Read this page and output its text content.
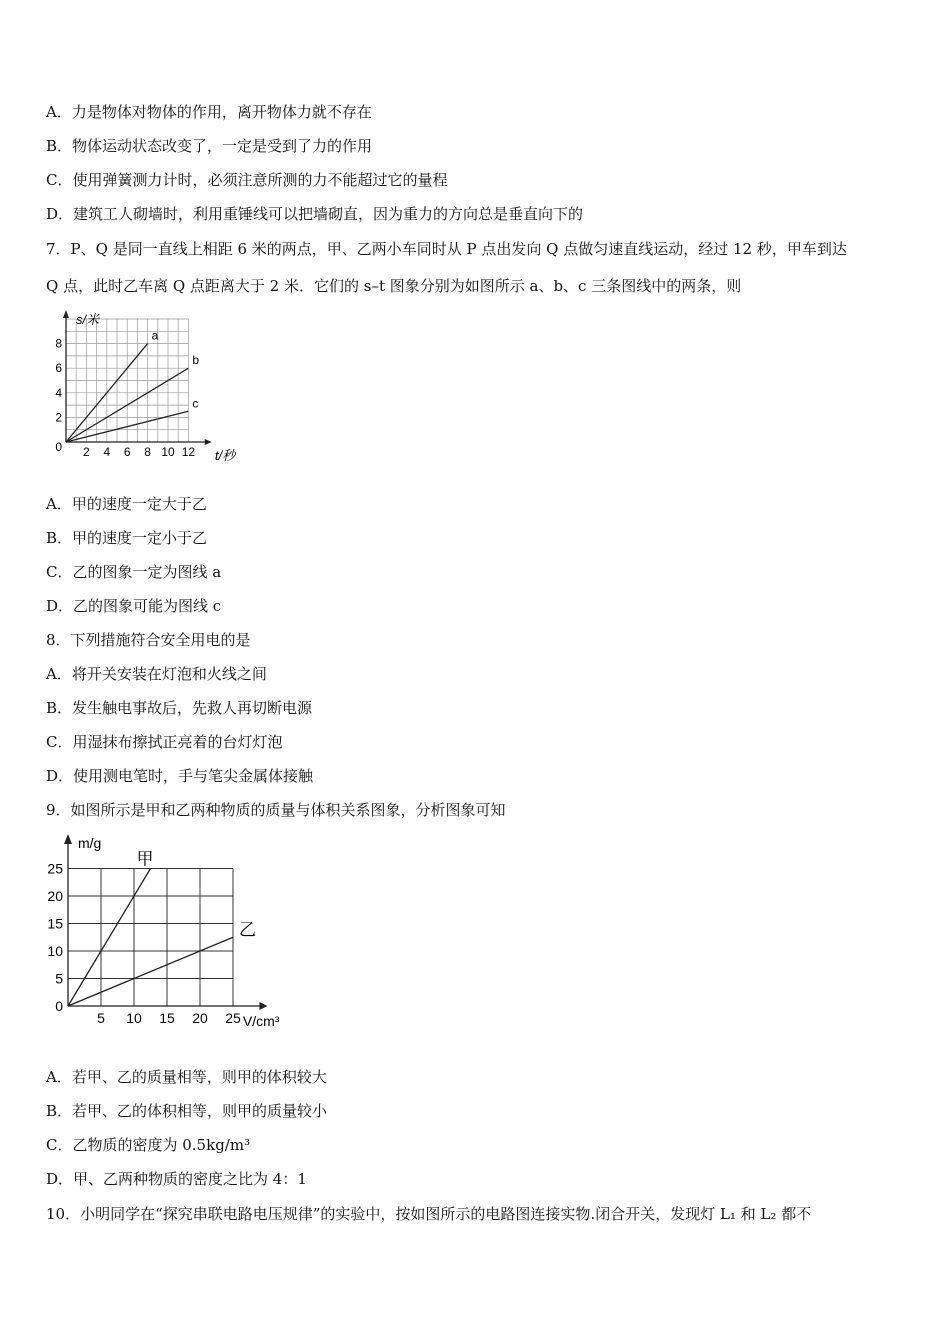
A．力是物体对物体的作用，离开物体力就不存在
B．物体运动状态改变了，一定是受到了力的作用
C．使用弹簧测力计时，必须注意所测的力不能超过它的量程
D．建筑工人砌墙时，利用重锤线可以把墙砌直，因为重力的方向总是垂直向下的
7．P、Q 是同一直线上相距 6 米的两点，甲、乙两小车同时从 P 点出发向 Q 点做匀速直线运动，经过 12 秒，甲车到达
Q 点，此时乙车离 Q 点距离大于 2 米．它们的 s–t 图象分别为如图所示 a、b、c 三条图线中的两条，则
2 4 6 8 10 12
2
4
6
8
0
t/秒
s/米
a
b
c
A．甲的速度一定大于乙
B．甲的速度一定小于乙
C．乙的图象一定为图线 a
D．乙的图象可能为图线 c
8．下列措施符合安全用电的是
A．将开关安装在灯泡和火线之间
B．发生触电事故后，先救人再切断电源
C．用湿抹布擦拭正亮着的台灯灯泡
D．使用测电笔时，手与笔尖金属体接触
9．如图所示是甲和乙两种物质的质量与体积关系图象，分析图象可知
5 10 15 20 25
5
10
15
20
25
0
V/cm³
m/g
甲
乙
A．若甲、乙的质量相等，则甲的体积较大
B．若甲、乙的体积相等，则甲的质量较小
C．乙物质的密度为 0.5kg/m³
D．甲、乙两种物质的密度之比为 4：1
10．小明同学在“探究串联电路电压规律”的实验中，按如图所示的电路图连接实物.闭合开关，发现灯 L₁ 和 L₂ 都不
